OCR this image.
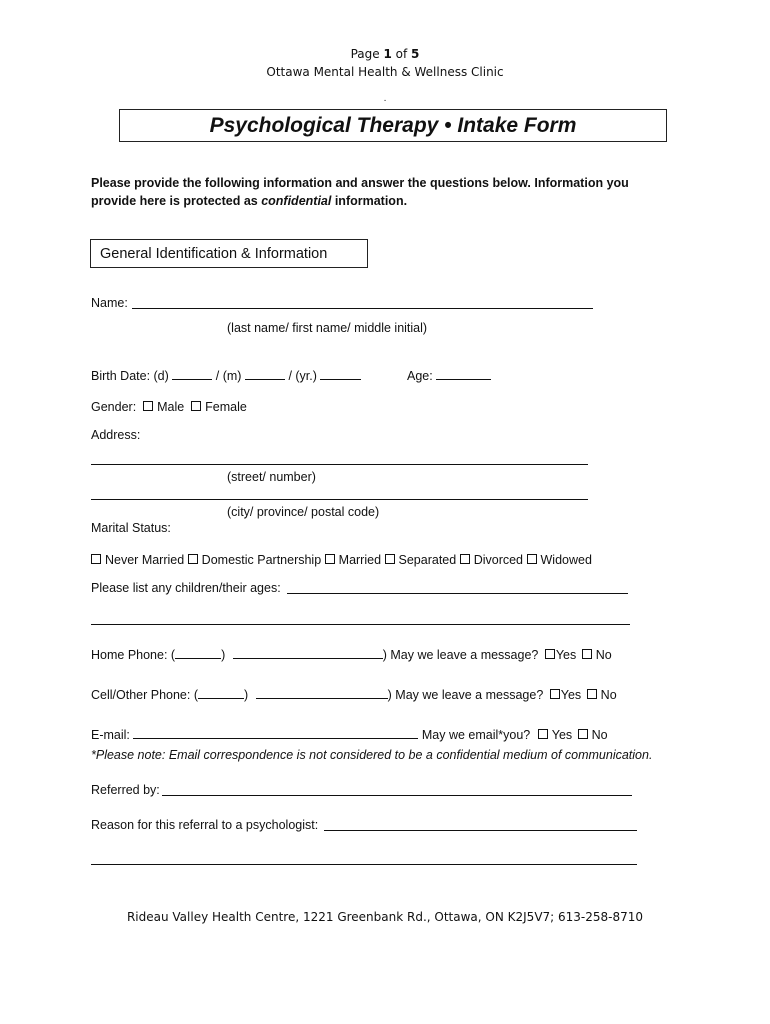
Page 1 of 5
Ottawa Mental Health & Wellness Clinic
.
Psychological Therapy • Intake Form
Please provide the following information and answer the questions below. Information you
provide here is protected as confidential information.
General Identification & Information
Name:
(last name/ first name/ middle initial)
Birth Date: (d)	/ (m)	/ (yr.)	Age:
Gender: Male Female
Address:
(street/ number)
(city/ province/ postal code)
Marital Status:
Never Married Domestic Partnership Married Separated Divorced Widowed
Please list any children/their ages:
Home Phone: (	)	) May we leave a message? Yes No
Cell/Other Phone: (	)	) May we leave a message? Yes No
E-mail:	May we email*you? Yes No
*Please note: Email correspondence is not considered to be a confidential medium of communication.
Referred by:
Reason for this referral to a psychologist:
Rideau Valley Health Centre, 1221 Greenbank Rd., Ottawa, ON K2J5V7; 613-258-8710
